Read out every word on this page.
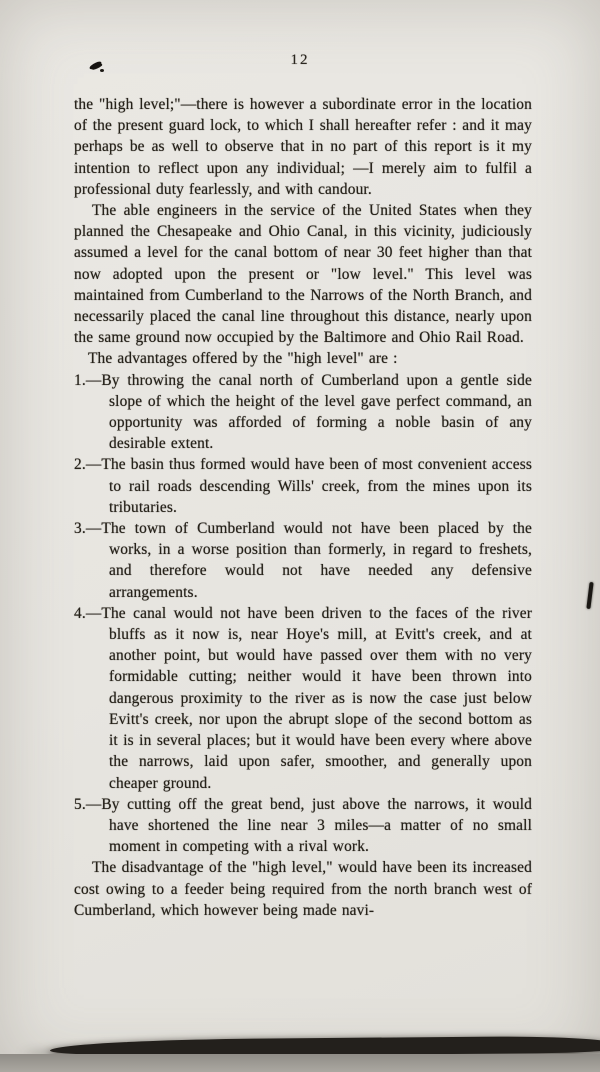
12

the "high level;"—there is however a subordinate error in the location of the present guard lock, to which I shall hereafter refer : and it may perhaps be as well to observe that in no part of this report is it my intention to reflect upon any individual; —I merely aim to fulfil a professional duty fearlessly, and with candour.

The able engineers in the service of the United States when they planned the Chesapeake and Ohio Canal, in this vicinity, judiciously assumed a level for the canal bottom of near 30 feet higher than that now adopted upon the present or "low level." This level was maintained from Cumberland to the Narrows of the North Branch, and necessarily placed the canal line throughout this distance, nearly upon the same ground now occupied by the Baltimore and Ohio Rail Road.

The advantages offered by the "high level" are :

1.—By throwing the canal north of Cumberland upon a gentle side slope of which the height of the level gave perfect command, an opportunity was afforded of forming a noble basin of any desirable extent.

2.—The basin thus formed would have been of most convenient access to rail roads descending Wills' creek, from the mines upon its tributaries.

3.—The town of Cumberland would not have been placed by the works, in a worse position than formerly, in regard to freshets, and therefore would not have needed any defensive arrangements.

4.—The canal would not have been driven to the faces of the river bluffs as it now is, near Hoye's mill, at Evitt's creek, and at another point, but would have passed over them with no very formidable cutting; neither would it have been thrown into dangerous proximity to the river as is now the case just below Evitt's creek, nor upon the abrupt slope of the second bottom as it is in several places; but it would have been every where above the narrows, laid upon safer, smoother, and generally upon cheaper ground.

5.—By cutting off the great bend, just above the narrows, it would have shortened the line near 3 miles—a matter of no small moment in competing with a rival work.

The disadvantage of the "high level," would have been its increased cost owing to a feeder being required from the north branch west of Cumberland, which however being made navi-
